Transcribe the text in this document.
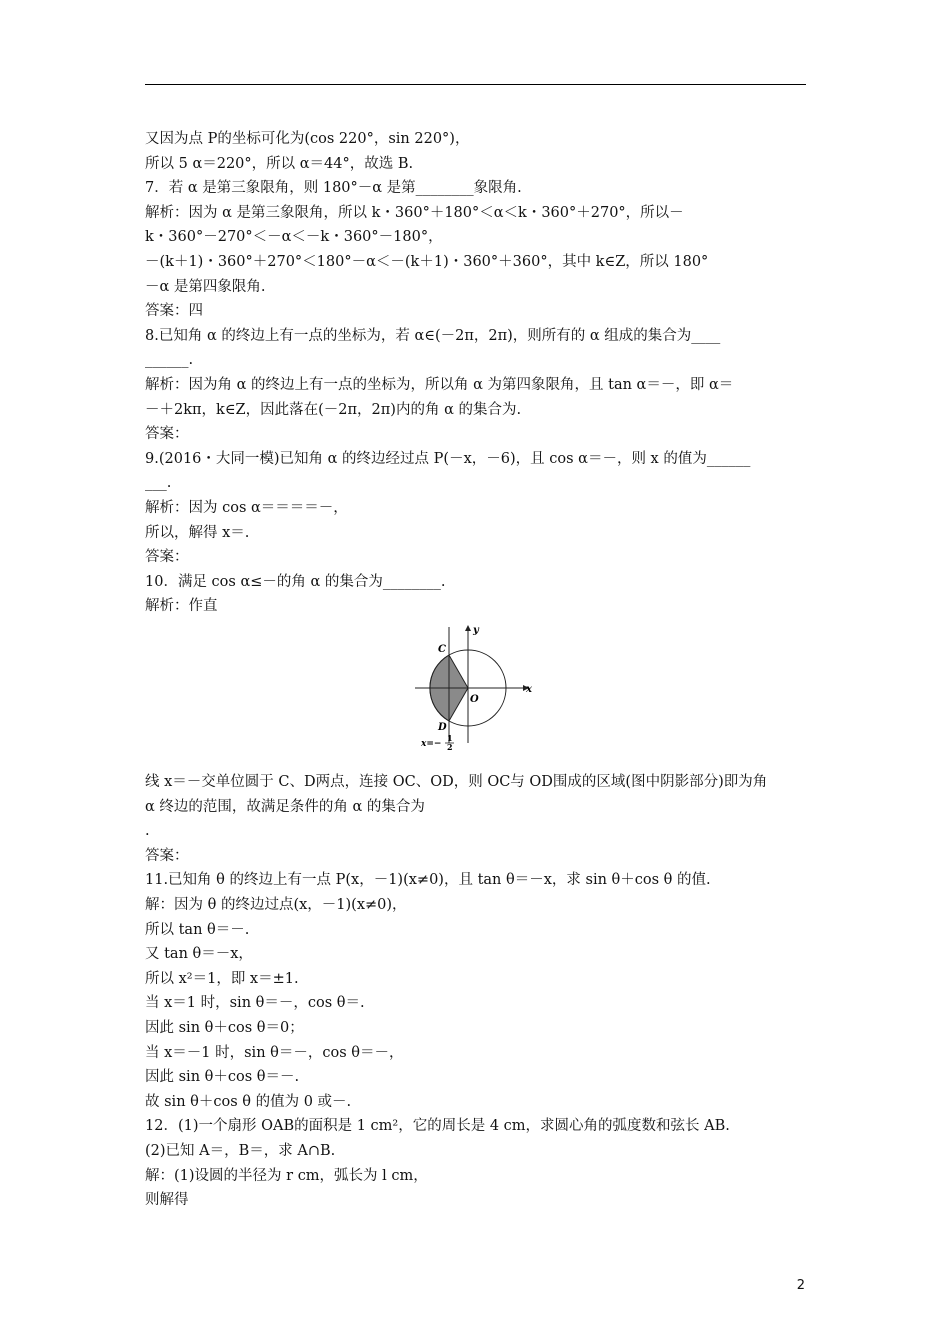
又因为点 P的坐标可化为(cos 220°，sin 220°)，
所以 5 α＝220°，所以 α＝44°，故选 B.
7．若 α 是第三象限角，则 180°－α 是第________象限角.
解析：因为 α 是第三象限角，所以 k・360°＋180°＜α＜k・360°＋270°，所以－
k・360°－270°＜－α＜－k・360°－180°，
－(k＋1)・360°＋270°＜180°－α＜－(k＋1)・360°＋360°，其中 k∈Z，所以 180°
－α 是第四象限角.
答案：四
8.已知角 α 的终边上有一点的坐标为，若 α∈(－2π，2π)，则所有的 α 组成的集合为____
______.
解析：因为角 α 的终边上有一点的坐标为，所以角 α 为第四象限角，且 tan α＝－，即 α＝
－＋2kπ，k∈Z，因此落在(－2π，2π)内的角 α 的集合为.
答案：
9.(2016・大同一模)已知角 α 的终边经过点 P(－x，－6)，且 cos α＝－，则 x 的值为______
___.
解析：因为 cos α＝＝＝＝－，
所以，解得 x＝.
答案：
10．满足 cos α≤－的角 α 的集合为________.
解析：作直
y
x
C
O
D
x=−
1
2
线 x＝－交单位圆于 C、D两点，连接 OC、OD，则 OC与 OD围成的区域(图中阴影部分)即为角
α 终边的范围，故满足条件的角 α 的集合为
.
答案：
11.已知角 θ 的终边上有一点 P(x，－1)(x≠0)，且 tan θ＝－x，求 sin θ＋cos θ 的值.
解：因为 θ 的终边过点(x，－1)(x≠0)，
所以 tan θ＝－.
又 tan θ＝－x，
所以 x²＝1，即 x＝±1.
当 x＝1 时，sin θ＝－，cos θ＝.
因此 sin θ＋cos θ＝0；
当 x＝－1 时，sin θ＝－，cos θ＝－，
因此 sin θ＋cos θ＝－.
故 sin θ＋cos θ 的值为 0 或－.
12．(1)一个扇形 OAB的面积是 1 cm²，它的周长是 4 cm，求圆心角的弧度数和弦长 AB.
(2)已知 A＝，B＝，求 A∩B.
解：(1)设圆的半径为 r cm，弧长为 l cm，
则解得
2
